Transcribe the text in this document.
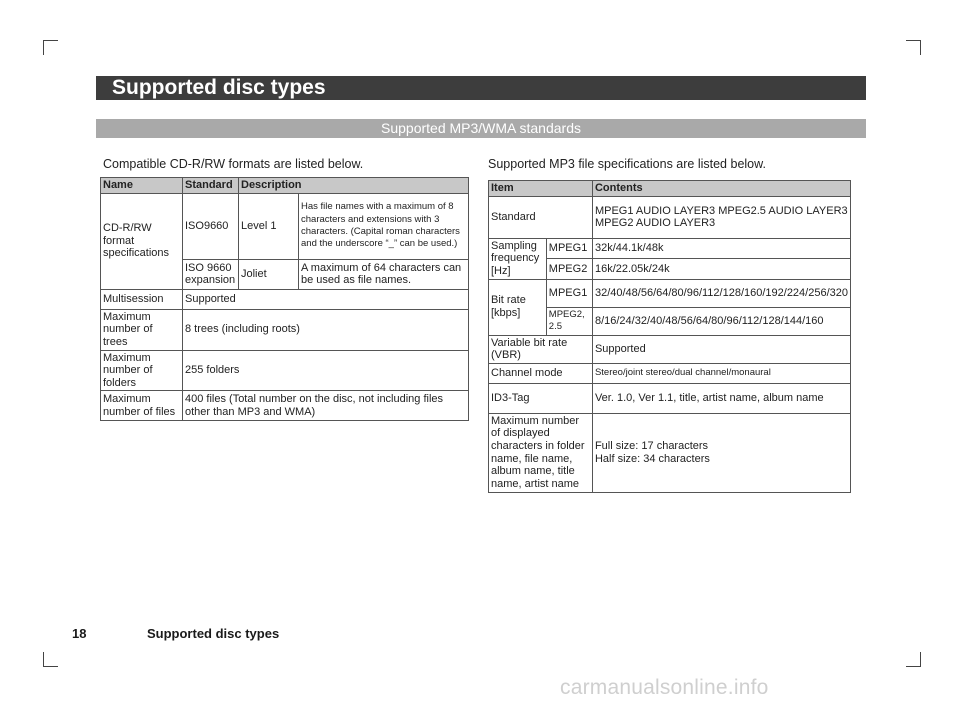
Supported disc types
Supported MP3/WMA standards
Compatible CD-R/RW formats are listed below.	Supported MP3 file specifications are listed below.
Name	Standard	Description	
CD-R/RW format specifications	ISO9660	Level 1	Has file names with a maximum of 8 characters and extensions with 3 characters. (Capital roman characters and the underscore “_” can be used.)
	ISO 9660 expansion	Joliet	A maximum of 64 characters can be used as file names.
Multisession	Supported		
Maximum number of trees	8 trees (including roots)		
Maximum number of folders	255 folders		
Maximum number of files	400 files (Total number on the disc, not including files other than MP3 and WMA)		
Item		Contents
Standard		MPEG1 AUDIO LAYER3 MPEG2.5 AUDIO LAYER3 MPEG2 AUDIO LAYER3
Sampling frequency [Hz]	MPEG1	32k/44.1k/48k
	MPEG2	16k/22.05k/24k
Bit rate [kbps]	MPEG1	32/40/48/56/64/80/96/112/128/160/192/224/256/320
	MPEG2, 2.5	8/16/24/32/40/48/56/64/80/96/112/128/144/160
Variable bit rate (VBR)		Supported
Channel mode		Stereo/joint stereo/dual channel/monaural
ID3-Tag		Ver. 1.0, Ver 1.1, title, artist name, album name
Maximum number of displayed characters in folder name, file name, album name, title name, artist name		Full size: 17 characters
Half size: 34 characters
18	Supported disc types
carmanualsonline.info
